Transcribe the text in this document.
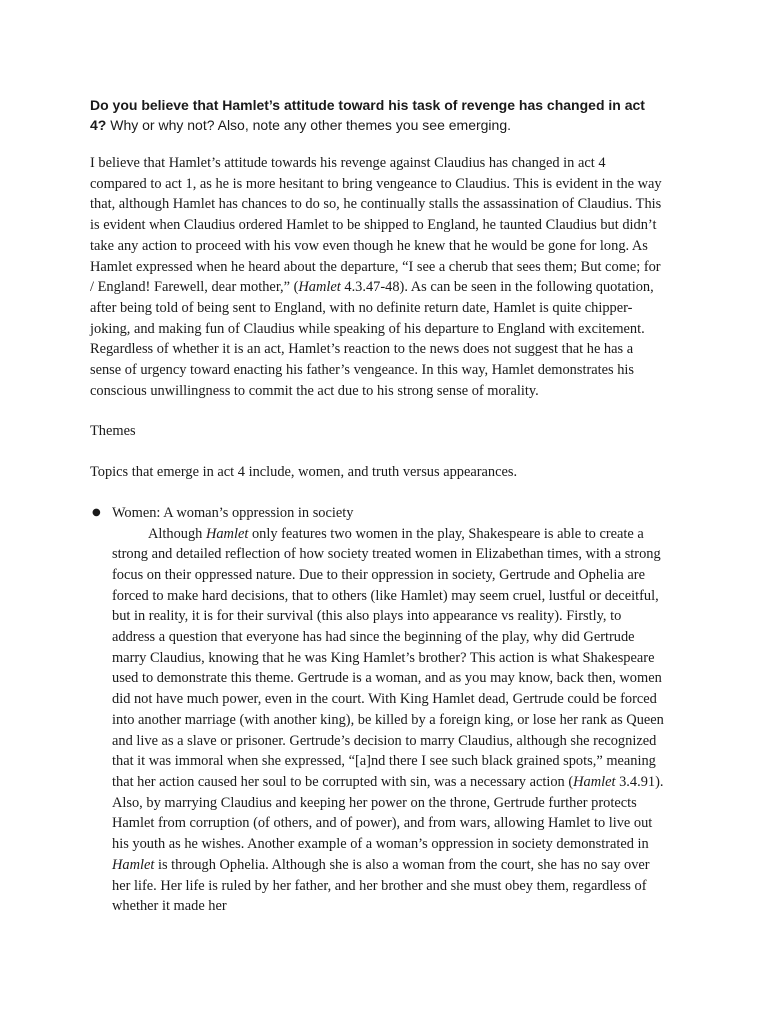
Do you believe that Hamlet’s attitude toward his task of revenge has changed in act 4? Why or why not? Also, note any other themes you see emerging.

I believe that Hamlet’s attitude towards his revenge against Claudius has changed in act 4 compared to act 1, as he is more hesitant to bring vengeance to Claudius. This is evident in the way that, although Hamlet has chances to do so, he continually stalls the assassination of Claudius. This is evident when Claudius ordered Hamlet to be shipped to England, he taunted Claudius but didn’t take any action to proceed with his vow even though he knew that he would be gone for long. As Hamlet expressed when he heard about the departure, “I see a cherub that sees them; But come; for / England! Farewell, dear mother,” (Hamlet 4.3.47-48). As can be seen in the following quotation, after being told of being sent to England, with no definite return date, Hamlet is quite chipper- joking, and making fun of Claudius while speaking of his departure to England with excitement. Regardless of whether it is an act, Hamlet’s reaction to the news does not suggest that he has a sense of urgency toward enacting his father’s vengeance. In this way, Hamlet demonstrates his conscious unwillingness to commit the act due to his strong sense of morality.

Themes

Topics that emerge in act 4 include, women, and truth versus appearances.

● Women: A woman’s oppression in society

Although Hamlet only features two women in the play, Shakespeare is able to create a strong and detailed reflection of how society treated women in Elizabethan times, with a strong focus on their oppressed nature. Due to their oppression in society, Gertrude and Ophelia are forced to make hard decisions, that to others (like Hamlet) may seem cruel, lustful or deceitful, but in reality, it is for their survival (this also plays into appearance vs reality). Firstly, to address a question that everyone has had since the beginning of the play, why did Gertrude marry Claudius, knowing that he was King Hamlet’s brother? This action is what Shakespeare used to demonstrate this theme. Gertrude is a woman, and as you may know, back then, women did not have much power, even in the court. With King Hamlet dead, Gertrude could be forced into another marriage (with another king), be killed by a foreign king, or lose her rank as Queen and live as a slave or prisoner. Gertrude’s decision to marry Claudius, although she recognized that it was immoral when she expressed, “[a]nd there I see such black grained spots,” meaning that her action caused her soul to be corrupted with sin, was a necessary action (Hamlet 3.4.91). Also, by marrying Claudius and keeping her power on the throne, Gertrude further protects Hamlet from corruption (of others, and of power), and from wars, allowing Hamlet to live out his youth as he wishes. Another example of a woman’s oppression in society demonstrated in Hamlet is through Ophelia. Although she is also a woman from the court, she has no say over her life. Her life is ruled by her father, and her brother and she must obey them, regardless of whether it made her
